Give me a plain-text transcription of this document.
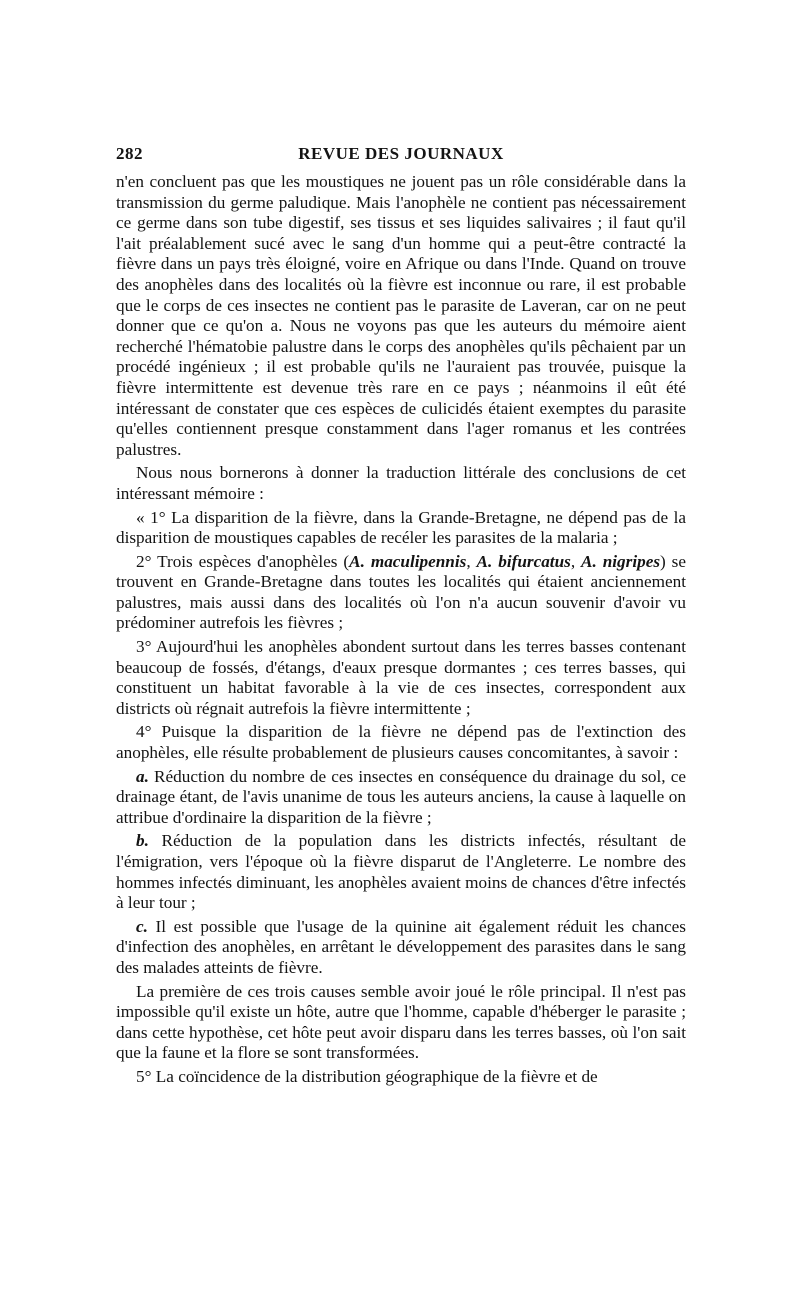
282	REVUE DES JOURNAUX

n'en concluent pas que les moustiques ne jouent pas un rôle considérable dans la transmission du germe paludique. Mais l'anophèle ne contient pas nécessairement ce germe dans son tube digestif, ses tissus et ses liquides salivaires ; il faut qu'il l'ait préalablement sucé avec le sang d'un homme qui a peut-être contracté la fièvre dans un pays très éloigné, voire en Afrique ou dans l'Inde. Quand on trouve des anophèles dans des localités où la fièvre est inconnue ou rare, il est probable que le corps de ces insectes ne contient pas le parasite de Laveran, car on ne peut donner que ce qu'on a. Nous ne voyons pas que les auteurs du mémoire aient recherché l'hématobie palustre dans le corps des anophèles qu'ils pêchaient par un procédé ingénieux ; il est probable qu'ils ne l'auraient pas trouvée, puisque la fièvre intermittente est devenue très rare en ce pays ; néanmoins il eût été intéressant de constater que ces espèces de culicidés étaient exemptes du parasite qu'elles contiennent presque constamment dans l'ager romanus et les contrées palustres.

Nous nous bornerons à donner la traduction littérale des conclusions de cet intéressant mémoire :

« 1° La disparition de la fièvre, dans la Grande-Bretagne, ne dépend pas de la disparition de moustiques capables de recéler les parasites de la malaria ;

2° Trois espèces d'anophèles (A. maculipennis, A. bifurcatus, A. nigripes) se trouvent en Grande-Bretagne dans toutes les localités qui étaient anciennement palustres, mais aussi dans des localités où l'on n'a aucun souvenir d'avoir vu prédominer autrefois les fièvres ;

3° Aujourd'hui les anophèles abondent surtout dans les terres basses contenant beaucoup de fossés, d'étangs, d'eaux presque dormantes ; ces terres basses, qui constituent un habitat favorable à la vie de ces insectes, correspondent aux districts où régnait autrefois la fièvre intermittente ;

4° Puisque la disparition de la fièvre ne dépend pas de l'extinction des anophèles, elle résulte probablement de plusieurs causes concomitantes, à savoir :

a. Réduction du nombre de ces insectes en conséquence du drainage du sol, ce drainage étant, de l'avis unanime de tous les auteurs anciens, la cause à laquelle on attribue d'ordinaire la disparition de la fièvre ;

b. Réduction de la population dans les districts infectés, résultant de l'émigration, vers l'époque où la fièvre disparut de l'Angleterre. Le nombre des hommes infectés diminuant, les anophèles avaient moins de chances d'être infectés à leur tour ;

c. Il est possible que l'usage de la quinine ait également réduit les chances d'infection des anophèles, en arrêtant le développement des parasites dans le sang des malades atteints de fièvre.

La première de ces trois causes semble avoir joué le rôle principal. Il n'est pas impossible qu'il existe un hôte, autre que l'homme, capable d'héberger le parasite ; dans cette hypothèse, cet hôte peut avoir disparu dans les terres basses, où l'on sait que la faune et la flore se sont transformées.

5° La coïncidence de la distribution géographique de la fièvre et de
